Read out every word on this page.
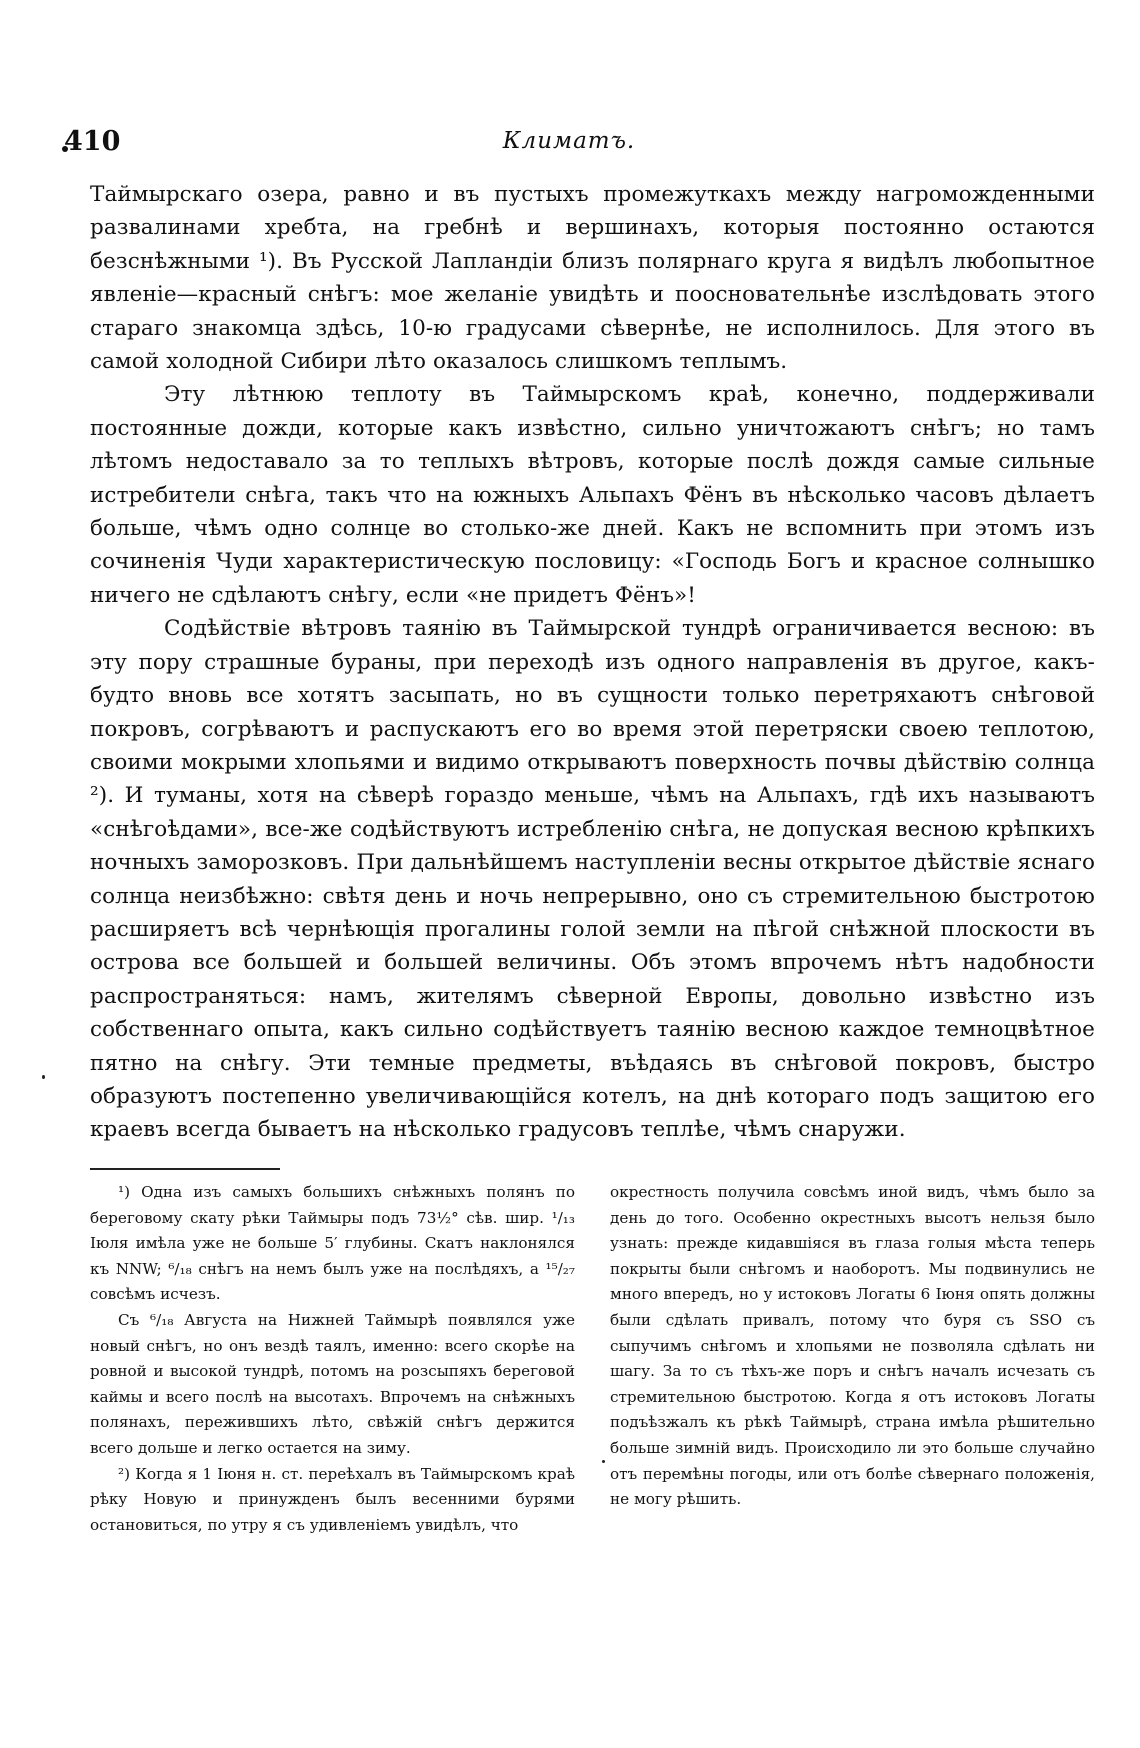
410	Климатъ.

Таймырскаго озера, равно и въ пустыхъ промежуткахъ между нагроможденными развалинами хребта, на гребнѣ и вершинахъ, которыя постоянно остаются безснѣжными ¹). Въ Русской Лапландіи близъ полярнаго круга я видѣлъ любопытное явленіе—красный снѣгъ: мое желаніе увидѣть и поосновательнѣе изслѣдовать этого стараго знакомца здѣсь, 10-ю градусами сѣвернѣе, не исполнилось. Для этого въ самой холодной Сибири лѣто оказалось слишкомъ теплымъ.

Эту лѣтнюю теплоту въ Таймырскомъ краѣ, конечно, поддерживали постоянные дожди, которые какъ извѣстно, сильно уничтожаютъ снѣгъ; но тамъ лѣтомъ недоставало за то теплыхъ вѣтровъ, которые послѣ дождя самые сильные истребители снѣга, такъ что на южныхъ Альпахъ Фёнъ въ нѣсколько часовъ дѣлаетъ больше, чѣмъ одно солнце во столько-же дней. Какъ не вспомнить при этомъ изъ сочиненія Чуди характеристическую пословицу: «Господь Богъ и красное солнышко ничего не сдѣлаютъ снѣгу, если «не придетъ Фёнъ»!

Содѣйствіе вѣтровъ таянію въ Таймырской тундрѣ ограничивается весною: въ эту пору страшные бураны, при переходѣ изъ одного направленія въ другое, какъ-будто вновь все хотятъ засыпать, но въ сущности только перетряхаютъ снѣговой покровъ, согрѣваютъ и распускаютъ его во время этой перетряски своею теплотою, своими мокрыми хлопьями и видимо открываютъ поверхность почвы дѣйствію солнца ²). И туманы, хотя на сѣверѣ гораздо меньше, чѣмъ на Альпахъ, гдѣ ихъ называютъ «снѣгоѣдами», все-же содѣйствуютъ истребленію снѣга, не допуская весною крѣпкихъ ночныхъ заморозковъ. При дальнѣйшемъ наступленіи весны открытое дѣйствіе яснаго солнца неизбѣжно: свѣтя день и ночь непрерывно, оно съ стремительною быстротою расширяетъ всѣ чернѣющія прогалины голой земли на пѣгой снѣжной плоскости въ острова все большей и большей величины. Объ этомъ впрочемъ нѣтъ надобности распространяться: намъ, жителямъ сѣверной Европы, довольно извѣстно изъ собственнаго опыта, какъ сильно содѣйствуетъ таянію весною каждое темноцвѣтное пятно на снѣгу. Эти темные предметы, въѣдаясь въ снѣговой покровъ, быстро образуютъ постепенно увеличивающійся котелъ, на днѣ котораго подъ защитою его краевъ всегда бываетъ на нѣсколько градусовъ теплѣе, чѣмъ снаружи.

¹) Одна изъ самыхъ большихъ снѣжныхъ полянъ по береговому скату рѣки Таймыры подъ 73½° сѣв. шир. ¹/₁₃ Іюля имѣла уже не больше 5′ глубины. Скатъ наклонялся къ NNW; ⁶/₁₈ снѣгъ на немъ былъ уже на послѣдяхъ, а ¹⁵/₂₇ совсѣмъ исчезъ.

Съ ⁶/₁₈ Августа на Нижней Таймырѣ появлялся уже новый снѣгъ, но онъ вездѣ таялъ, именно: всего скорѣе на ровной и высокой тундрѣ, потомъ на розсыпяхъ береговой каймы и всего послѣ на высотахъ. Впрочемъ на снѣжныхъ полянахъ, пережившихъ лѣто, свѣжій снѣгъ держится всего дольше и легко остается на зиму.

²) Когда я 1 Іюня н. ст. переѣхалъ въ Таймырскомъ краѣ рѣку Новую и принужденъ былъ весенними бурями остановиться, по утру я съ удивленіемъ увидѣлъ, что

окрестность получила совсѣмъ иной видъ, чѣмъ было за день до того. Особенно окрестныхъ высотъ нельзя было узнать: прежде кидавшіяся въ глаза голыя мѣста теперь покрыты были снѣгомъ и наоборотъ. Мы подвинулись не много впередъ, но у истоковъ Логаты 6 Іюня опять должны были сдѣлать привалъ, потому что буря съ SSO съ сыпучимъ снѣгомъ и хлопьями не позволяла сдѣлать ни шагу. За то съ тѣхъ-же поръ и снѣгъ началъ исчезать съ стремительною быстротою. Когда я отъ истоковъ Логаты подъѣзжалъ къ рѣкѣ Таймырѣ, страна имѣла рѣшительно больше зимній видъ. Происходило ли это больше случайно отъ перемѣны погоды, или отъ болѣе сѣвернаго положенія, не могу рѣшить.
